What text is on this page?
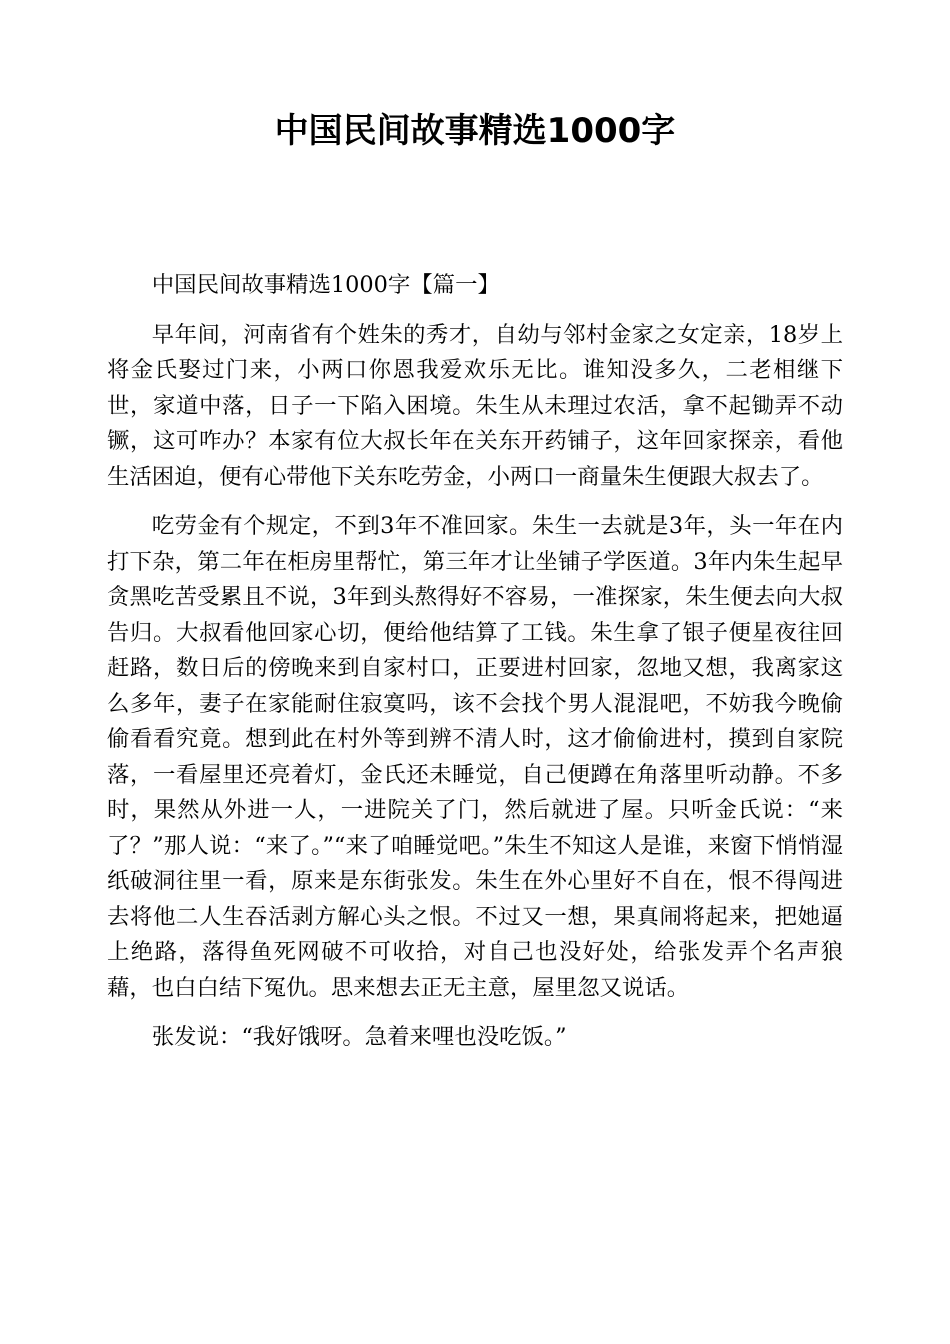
中国民间故事精选1000字

中国民间故事精选1000字【篇一】

早年间，河南省有个姓朱的秀才，自幼与邻村金家之女定亲，18岁上将金氏娶过门来，小两口你恩我爱欢乐无比。谁知没多久，二老相继下世，家道中落，日子一下陷入困境。朱生从未理过农活，拿不起锄弄不动镢，这可咋办？本家有位大叔长年在关东开药铺子，这年回家探亲，看他生活困迫，便有心带他下关东吃劳金，小两口一商量朱生便跟大叔去了。

吃劳金有个规定，不到3年不准回家。朱生一去就是3年，头一年在内打下杂，第二年在柜房里帮忙，第三年才让坐铺子学医道。3年内朱生起早贪黑吃苦受累且不说，3年到头熬得好不容易，一准探家，朱生便去向大叔告归。大叔看他回家心切，便给他结算了工钱。朱生拿了银子便星夜往回赶路，数日后的傍晚来到自家村口，正要进村回家，忽地又想，我离家这么多年，妻子在家能耐住寂寞吗，该不会找个男人混混吧，不妨我今晚偷偷看看究竟。想到此在村外等到辨不清人时，这才偷偷进村，摸到自家院落，一看屋里还亮着灯，金氏还未睡觉，自己便蹲在角落里听动静。不多时，果然从外进一人，一进院关了门，然后就进了屋。只听金氏说：“来了？”那人说：“来了。”“来了咱睡觉吧。”朱生不知这人是谁，来窗下悄悄湿纸破洞往里一看，原来是东街张发。朱生在外心里好不自在，恨不得闯进去将他二人生吞活剥方解心头之恨。不过又一想，果真闹将起来，把她逼上绝路，落得鱼死网破不可收拾，对自己也没好处，给张发弄个名声狼藉，也白白结下冤仇。思来想去正无主意，屋里忽又说话。

张发说：“我好饿呀。急着来哩也没吃饭。”
